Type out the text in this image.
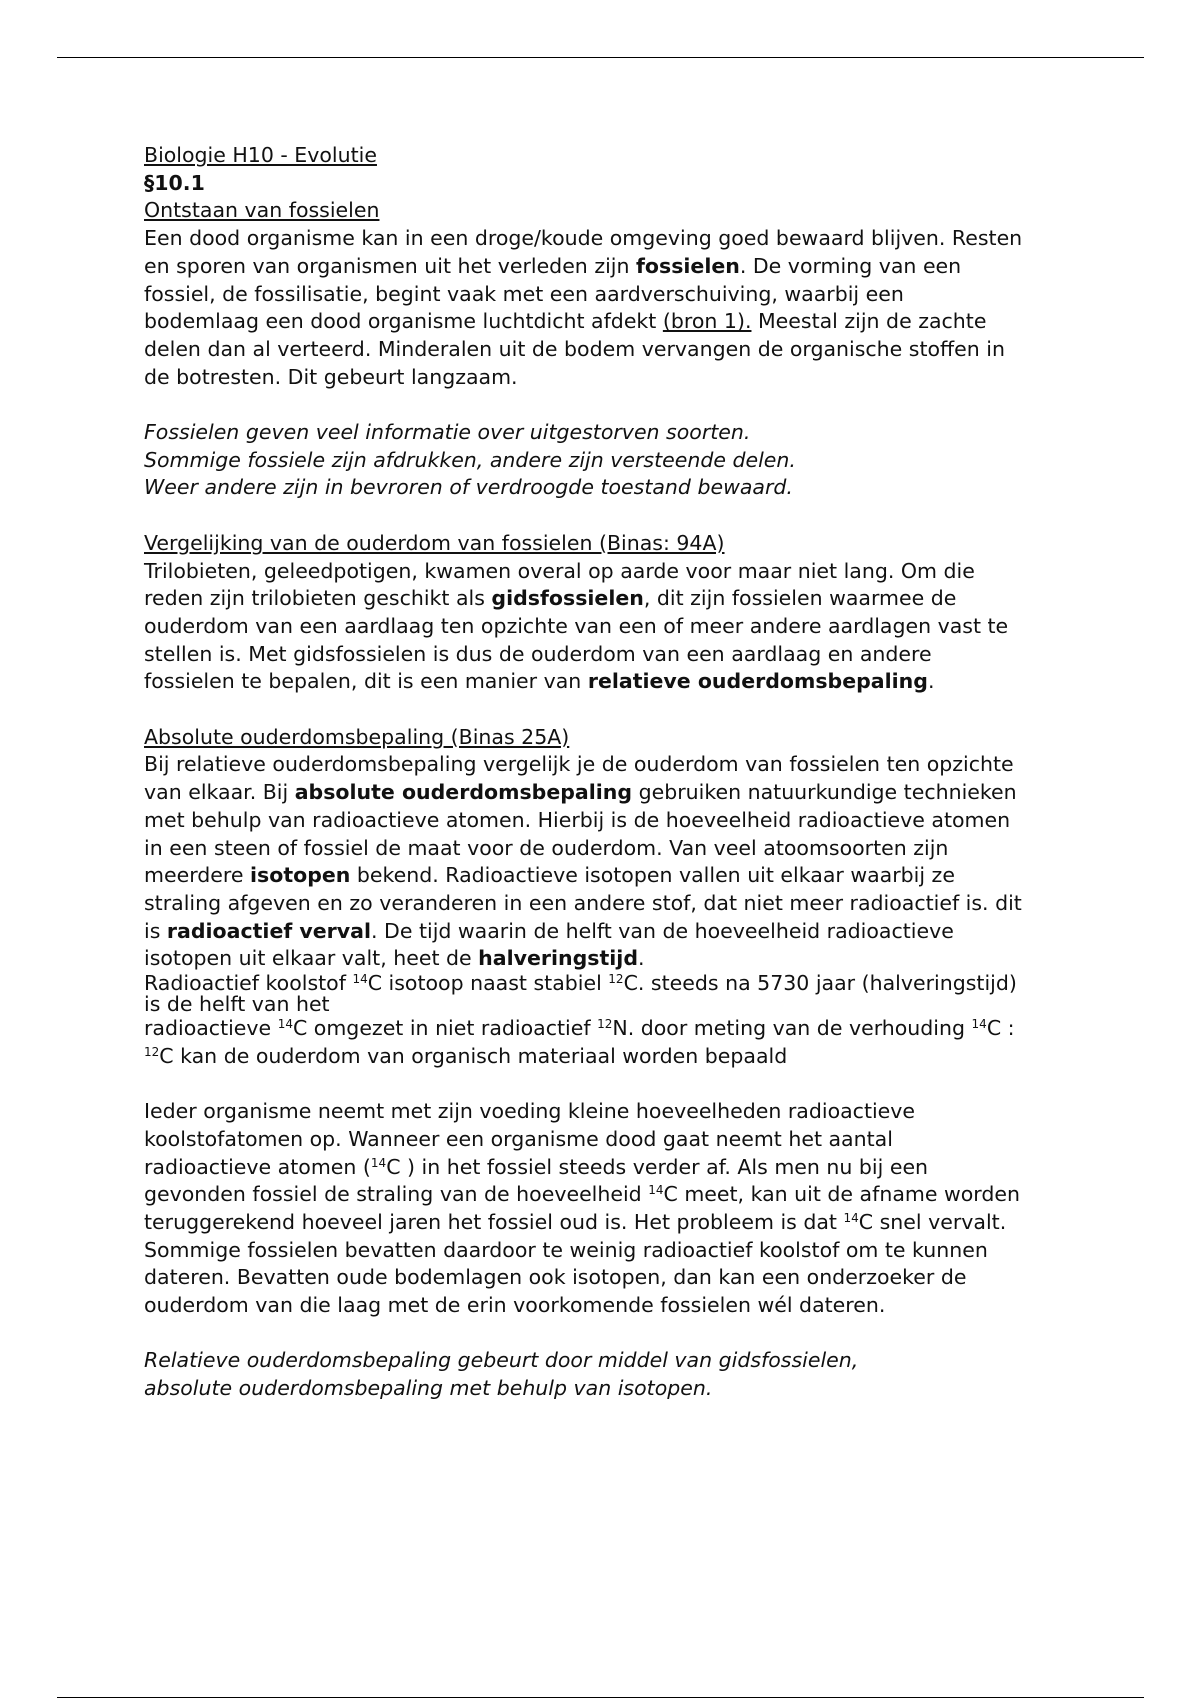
Biologie H10 - Evolutie

§10.1

Ontstaan van fossielen

Een dood organisme kan in een droge/koude omgeving goed bewaard blijven. Resten en sporen van organismen uit het verleden zijn fossielen. De vorming van een fossiel, de fossilisatie, begint vaak met een aardverschuiving, waarbij een bodemlaag een dood organisme luchtdicht afdekt (bron 1). Meestal zijn de zachte delen dan al verteerd. Minderalen uit de bodem vervangen de organische stoffen in de botresten. Dit gebeurt langzaam.

Fossielen geven veel informatie over uitgestorven soorten.

Sommige fossiele zijn afdrukken, andere zijn versteende delen.

Weer andere zijn in bevroren of verdroogde toestand bewaard.

Vergelijking van de ouderdom van fossielen (Binas: 94A)

Trilobieten, geleedpotigen, kwamen overal op aarde voor maar niet lang. Om die reden zijn trilobieten geschikt als gidsfossielen, dit zijn fossielen waarmee de ouderdom van een aardlaag ten opzichte van een of meer andere aardlagen vast te stellen is. Met gidsfossielen is dus de ouderdom van een aardlaag en andere fossielen te bepalen, dit is een manier van relatieve ouderdomsbepaling.

Absolute ouderdomsbepaling (Binas 25A)

Bij relatieve ouderdomsbepaling vergelijk je de ouderdom van fossielen ten opzichte van elkaar. Bij absolute ouderdomsbepaling gebruiken natuurkundige technieken met behulp van radioactieve atomen. Hierbij is de hoeveelheid radioactieve atomen in een steen of fossiel de maat voor de ouderdom. Van veel atoomsoorten zijn meerdere isotopen bekend. Radioactieve isotopen vallen uit elkaar waarbij ze straling afgeven en zo veranderen in een andere stof, dat niet meer radioactief is. dit is radioactief verval. De tijd waarin de helft van de hoeveelheid radioactieve isotopen uit elkaar valt, heet de halveringstijd.

Radioactief koolstof $^{14}$C isotoop naast stabiel $^{12}$C. steeds na 5730 jaar (halveringstijd) is de helft van het

radioactieve $^{14}$C omgezet in niet radioactief $^{12}$N. door meting van de verhouding $^{14}$C : $^{12}$C kan de ouderdom van organisch materiaal worden bepaald

Ieder organisme neemt met zijn voeding kleine hoeveelheden radioactieve koolstofatomen op. Wanneer een organisme dood gaat neemt het aantal radioactieve atomen ($^{14}$C ) in het fossiel steeds verder af. Als men nu bij een gevonden fossiel de straling van de hoeveelheid $^{14}$C meet, kan uit de afname worden teruggerekend hoeveel jaren het fossiel oud is. Het probleem is dat $^{14}$C snel vervalt. Sommige fossielen bevatten daardoor te weinig radioactief koolstof om te kunnen dateren. Bevatten oude bodemlagen ook isotopen, dan kan een onderzoeker de ouderdom van die laag met de erin voorkomende fossielen wél dateren.

Relatieve ouderdomsbepaling gebeurt door middel van gidsfossielen,

absolute ouderdomsbepaling met behulp van isotopen.
